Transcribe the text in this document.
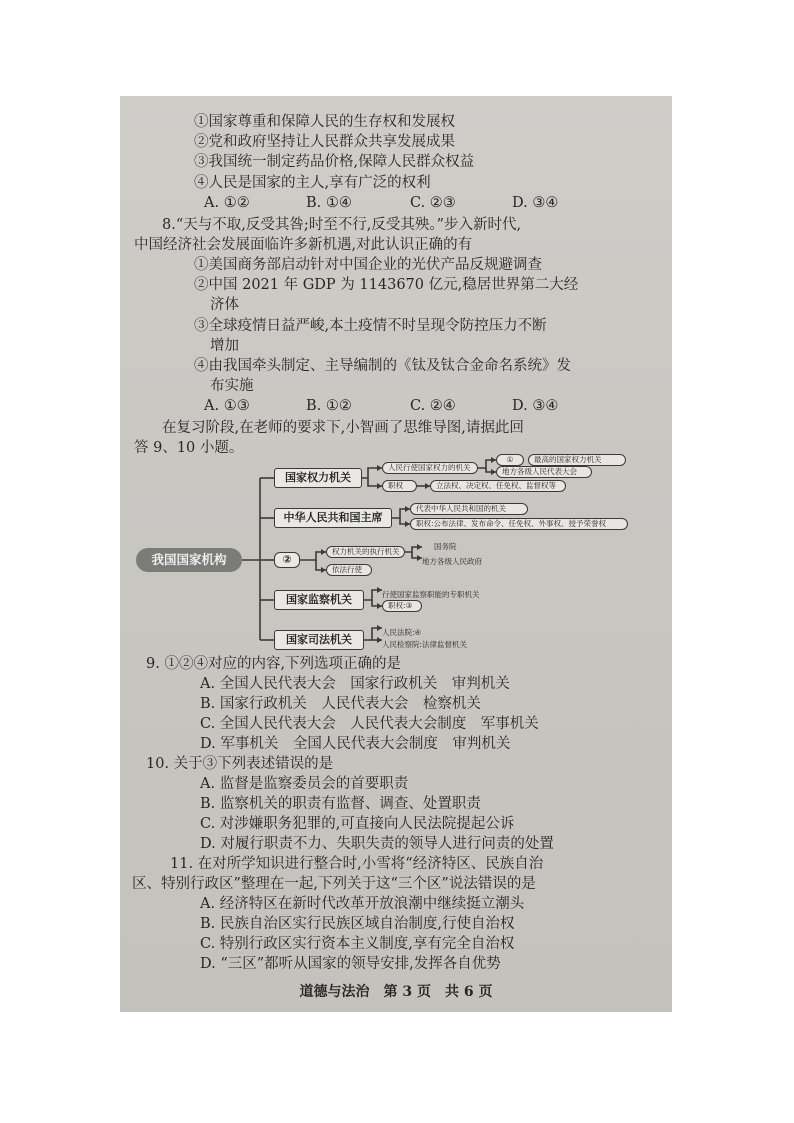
①国家尊重和保障人民的生存权和发展权
②党和政府坚持让人民群众共享发展成果
③我国统一制定药品价格,保障人民群众权益
④人民是国家的主人,享有广泛的权利
A. ①②	B. ①④	C. ②③	D. ③④
8.“天与不取,反受其咎;时至不行,反受其殃。”步入新时代,
中国经济社会发展面临许多新机遇,对此认识正确的有
①美国商务部启动针对中国企业的光伏产品反规避调查
②中国 2021 年 GDP 为 1143670 亿元,稳居世界第二大经
济体
③全球疫情日益严峻,本土疫情不时呈现令防控压力不断
增加
④由我国牵头制定、主导编制的《钛及钛合金命名系统》发
布实施
A. ①③	B. ①②	C. ②④	D. ③④
在复习阶段,在老师的要求下,小智画了思维导图,请据此回
答 9、10 小题。
我国国家机构
国家权力机关
人民行使国家权力的机关
①	最高的国家权力机关
地方各级人民代表大会
职权	立法权、决定权、任免权、监督权等
中华人民共和国主席
代表中华人民共和国的机关
职权:公布法律、发布命令、任免权、外事权、授予荣誉权
②
权力机关的执行机关
国务院
地方各级人民政府
依法行使
国家监察机关	行使国家监察职能的专职机关
职权:③
国家司法机关
人民法院:④
人民检察院:法律监督机关
9. ①②④对应的内容,下列选项正确的是
A. 全国人民代表大会　国家行政机关　审判机关
B. 国家行政机关　人民代表大会　检察机关
C. 全国人民代表大会　人民代表大会制度　军事机关
D. 军事机关　全国人民代表大会制度　审判机关
10. 关于③下列表述错误的是
A. 监督是监察委员会的首要职责
B. 监察机关的职责有监督、调查、处置职责
C. 对涉嫌职务犯罪的,可直接向人民法院提起公诉
D. 对履行职责不力、失职失责的领导人进行问责的处置
11. 在对所学知识进行整合时,小雪将“经济特区、民族自治
区、特别行政区”整理在一起,下列关于这“三个区”说法错误的是
A. 经济特区在新时代改革开放浪潮中继续挺立潮头
B. 民族自治区实行民族区域自治制度,行使自治权
C. 特别行政区实行资本主义制度,享有完全自治权
D. “三区”都听从国家的领导安排,发挥各自优势
道德与法治　第 3 页　共 6 页
